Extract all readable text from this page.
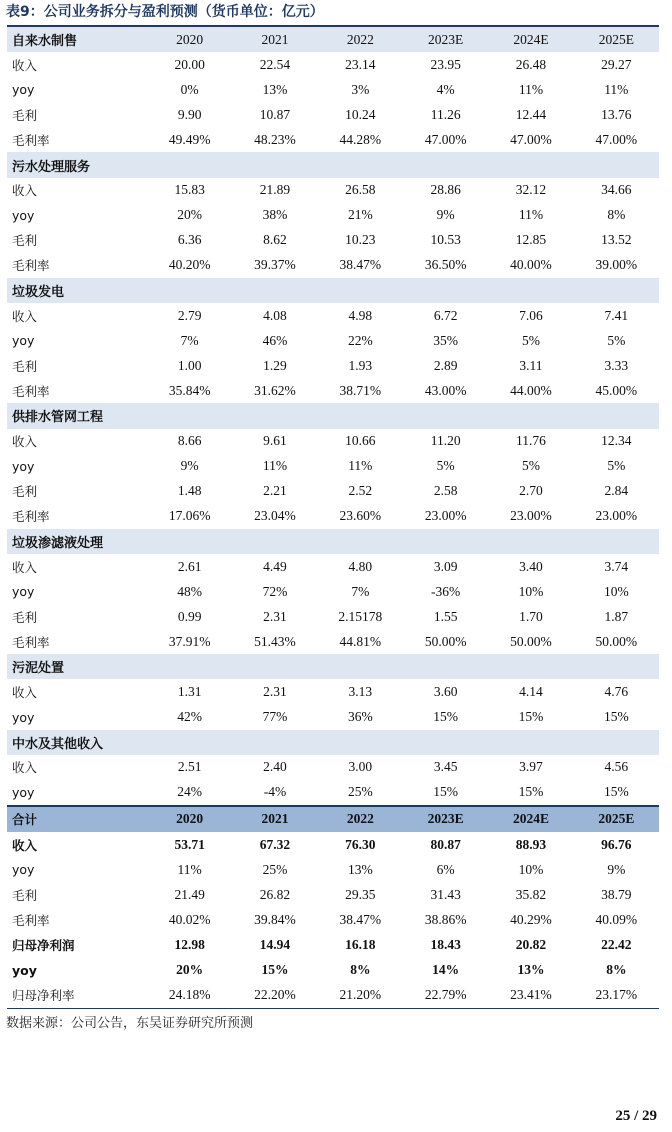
表9：公司业务拆分与盈利预测（货币单位：亿元）
自来水制售	2020	2021	2022	2023E	2024E	2025E
收入	20.00	22.54	23.14	23.95	26.48	29.27
yoy	0%	13%	3%	4%	11%	11%
毛利	9.90	10.87	10.24	11.26	12.44	13.76
毛利率	49.49%	48.23%	44.28%	47.00%	47.00%	47.00%
污水处理服务						
收入	15.83	21.89	26.58	28.86	32.12	34.66
yoy	20%	38%	21%	9%	11%	8%
毛利	6.36	8.62	10.23	10.53	12.85	13.52
毛利率	40.20%	39.37%	38.47%	36.50%	40.00%	39.00%
垃圾发电						
收入	2.79	4.08	4.98	6.72	7.06	7.41
yoy	7%	46%	22%	35%	5%	5%
毛利	1.00	1.29	1.93	2.89	3.11	3.33
毛利率	35.84%	31.62%	38.71%	43.00%	44.00%	45.00%
供排水管网工程						
收入	8.66	9.61	10.66	11.20	11.76	12.34
yoy	9%	11%	11%	5%	5%	5%
毛利	1.48	2.21	2.52	2.58	2.70	2.84
毛利率	17.06%	23.04%	23.60%	23.00%	23.00%	23.00%
垃圾渗滤液处理						
收入	2.61	4.49	4.80	3.09	3.40	3.74
yoy	48%	72%	7%	-36%	10%	10%
毛利	0.99	2.31	2.15178	1.55	1.70	1.87
毛利率	37.91%	51.43%	44.81%	50.00%	50.00%	50.00%
污泥处置						
收入	1.31	2.31	3.13	3.60	4.14	4.76
yoy	42%	77%	36%	15%	15%	15%
中水及其他收入						
收入	2.51	2.40	3.00	3.45	3.97	4.56
yoy	24%	-4%	25%	15%	15%	15%
合计	2020	2021	2022	2023E	2024E	2025E
收入	53.71	67.32	76.30	80.87	88.93	96.76
yoy	11%	25%	13%	6%	10%	9%
毛利	21.49	26.82	29.35	31.43	35.82	38.79
毛利率	40.02%	39.84%	38.47%	38.86%	40.29%	40.09%
归母净利润	12.98	14.94	16.18	18.43	20.82	22.42
yoy	20%	15%	8%	14%	13%	8%
归母净利率	24.18%	22.20%	21.20%	22.79%	23.41%	23.17%
数据来源：公司公告，东吴证券研究所预测
25 / 29
